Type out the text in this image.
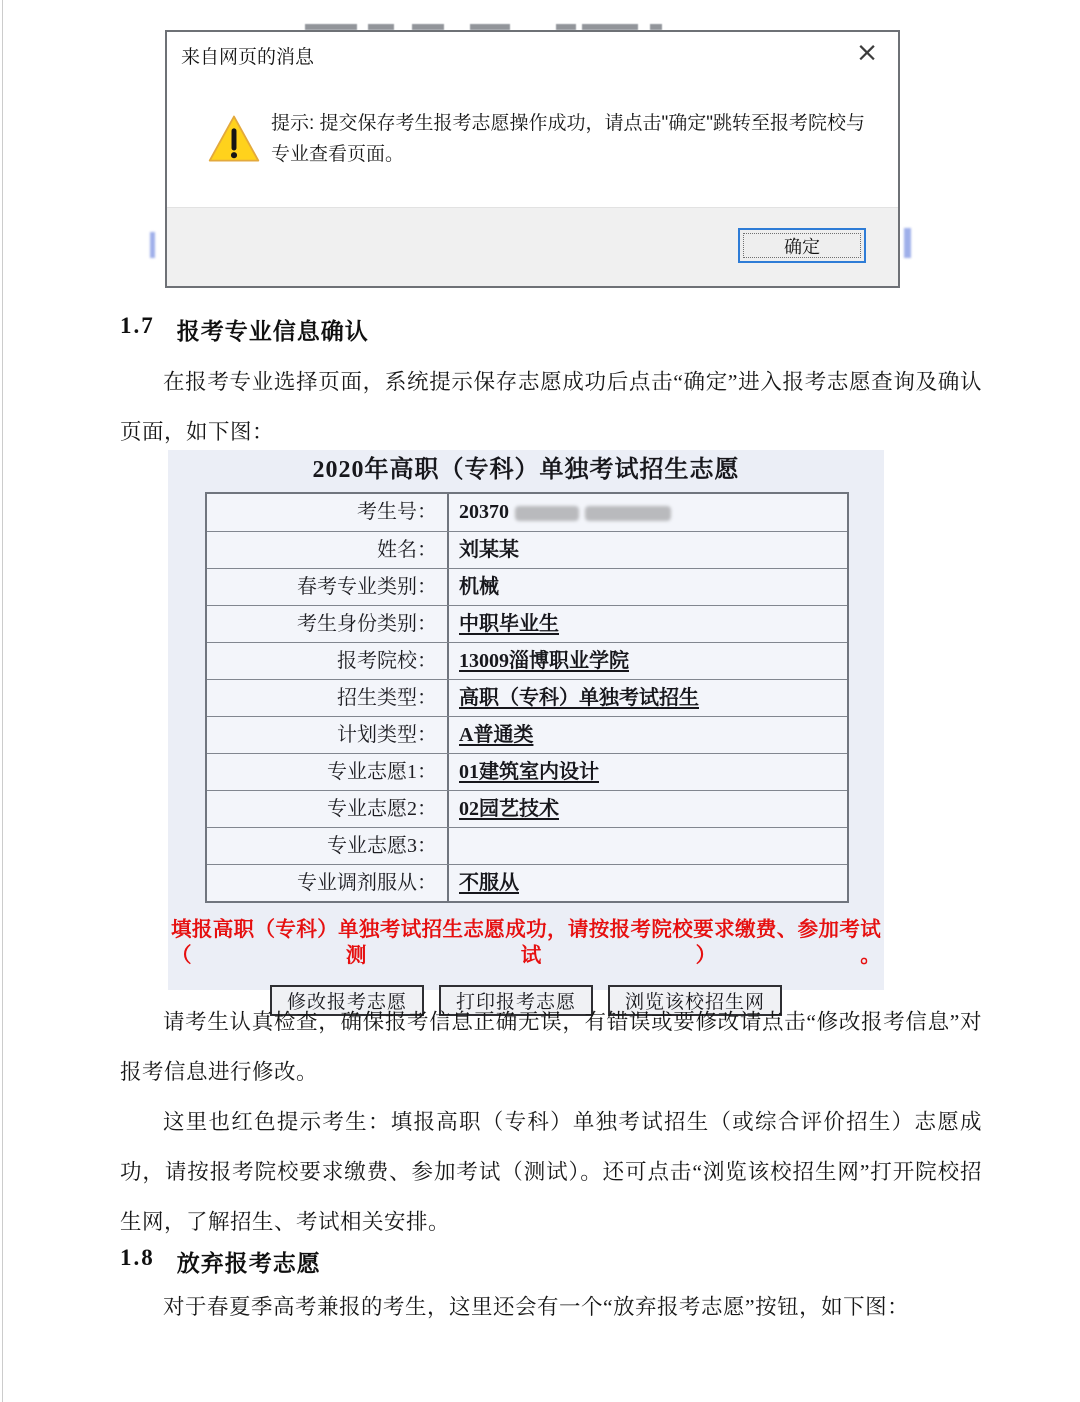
来自网页的消息	×
提示: 提交保存考生报考志愿操作成功，请点击"确定"跳转至报考院校与专业查看页面。
确定
1.7 报考专业信息确认
在报考专业选择页面，系统提示保存志愿成功后点击“确定”进入报考志愿查询及确认页面，如下图：
2020年高职（专科）单独考试招生志愿
考生号：	20370
姓名：	刘某某
春考专业类别：	机械
考生身份类别：	中职毕业生
报考院校：	13009淄博职业学院
招生类型：	高职（专科）单独考试招生
计划类型：	A普通类
专业志愿1：	01建筑室内设计
专业志愿2：	02园艺技术
专业志愿3：
专业调剂服从：	不服从
填报高职（专科）单独考试招生志愿成功，请按报考院校要求缴费、参加考试（测试）。
修改报考志愿	打印报考志愿	浏览该校招生网
请考生认真检查，确保报考信息正确无误，有错误或要修改请点击“修改报考信息”对报考信息进行修改。
这里也红色提示考生：填报高职（专科）单独考试招生（或综合评价招生）志愿成功，请按报考院校要求缴费、参加考试（测试）。还可点击“浏览该校招生网”打开院校招生网，了解招生、考试相关安排。
1.8 放弃报考志愿
对于春夏季高考兼报的考生，这里还会有一个“放弃报考志愿”按钮，如下图：
